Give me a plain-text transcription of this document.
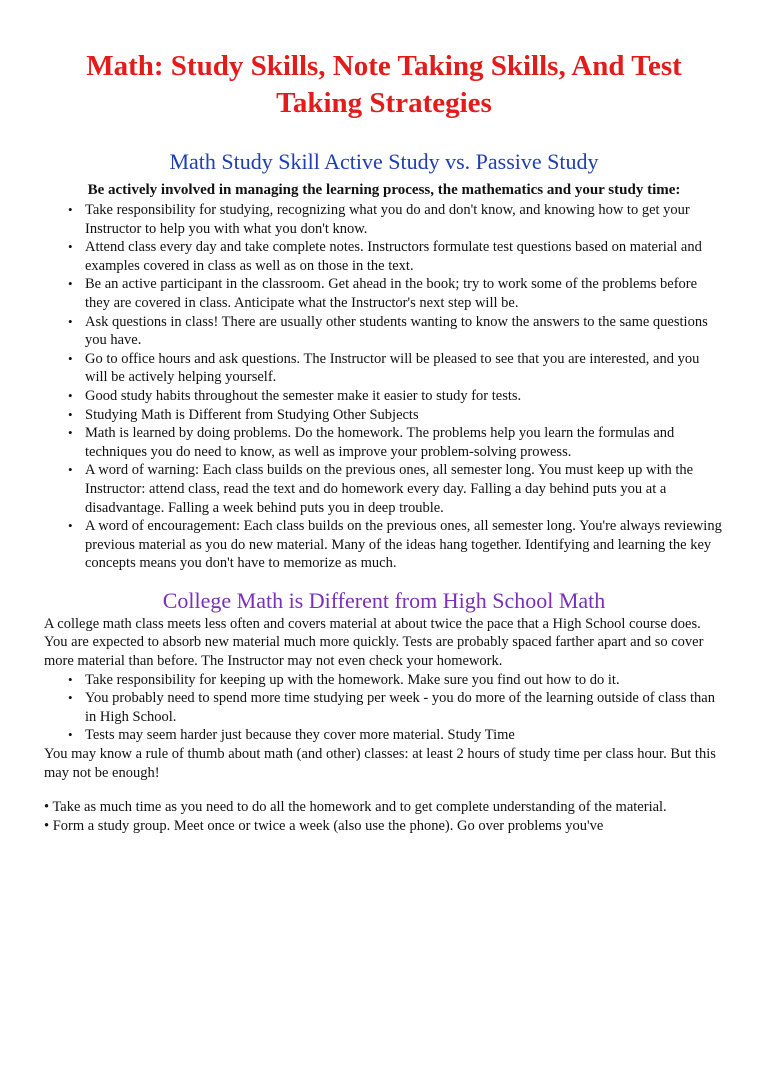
Math: Study Skills, Note Taking Skills, And Test Taking Strategies
Math Study Skill Active Study vs. Passive Study
Be actively involved in managing the learning process, the mathematics and your study time:
• Take responsibility for studying, recognizing what you do and don't know, and knowing how to get your Instructor to help you with what you don't know.
• Attend class every day and take complete notes. Instructors formulate test questions based on material and examples covered in class as well as on those in the text.
• Be an active participant in the classroom. Get ahead in the book; try to work some of the problems before they are covered in class. Anticipate what the Instructor's next step will be.
• Ask questions in class! There are usually other students wanting to know the answers to the same questions you have.
• Go to office hours and ask questions. The Instructor will be pleased to see that you are interested, and you will be actively helping yourself.
• Good study habits throughout the semester make it easier to study for tests.
• Studying Math is Different from Studying Other Subjects
• Math is learned by doing problems. Do the homework. The problems help you learn the formulas and techniques you do need to know, as well as improve your problem-solving prowess.
• A word of warning: Each class builds on the previous ones, all semester long. You must keep up with the Instructor: attend class, read the text and do homework every day. Falling a day behind puts you at a disadvantage. Falling a week behind puts you in deep trouble.
• A word of encouragement: Each class builds on the previous ones, all semester long. You're always reviewing previous material as you do new material. Many of the ideas hang together. Identifying and learning the key concepts means you don't have to memorize as much.
College Math is Different from High School Math

A college math class meets less often and covers material at about twice the pace that a High School course does. You are expected to absorb new material much more quickly. Tests are probably spaced farther apart and so cover more material than before. The Instructor may not even check your homework.

• Take responsibility for keeping up with the homework. Make sure you find out how to do it.
• You probably need to spend more time studying per week - you do more of the learning outside of class than in High School.
• Tests may seem harder just because they cover more material. Study Time

You may know a rule of thumb about math (and other) classes: at least 2 hours of study time per class hour. But this may not be enough!

• Take as much time as you need to do all the homework and to get complete understanding of the material.

• Form a study group. Meet once or twice a week (also use the phone). Go over problems you've
